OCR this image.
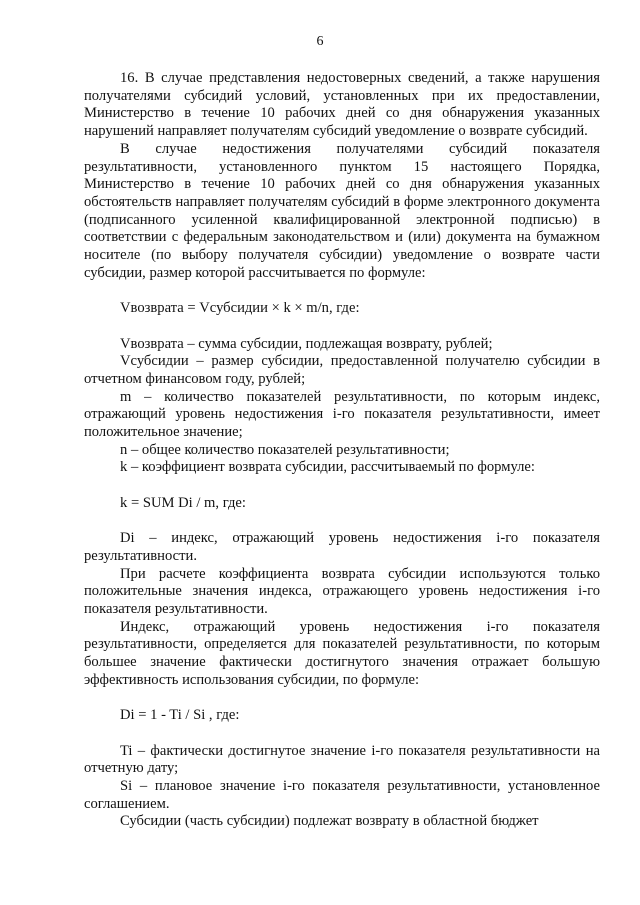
6

16. В случае представления недостоверных сведений, а также нарушения получателями субсидий условий, установленных при их предоставлении, Министерство в течение 10 рабочих дней со дня обнаружения указанных нарушений направляет получателям субсидий уведомление о возврате субсидий.

В случае недостижения получателями субсидий показателя результативности, установленного пунктом 15 настоящего Порядка, Министерство в течение 10 рабочих дней со дня обнаружения указанных обстоятельств направляет получателям субсидий в форме электронного документа (подписанного усиленной квалифицированной электронной подписью) в соответствии с федеральным законодательством и (или) документа на бумажном носителе (по выбору получателя субсидии) уведомление о возврате части субсидии, размер которой рассчитывается по формуле:

Vвозврата = Vсубсидии × k × m/n, где:

Vвозврата – сумма субсидии, подлежащая возврату, рублей;

Vсубсидии – размер субсидии, предоставленной получателю субсидии в отчетном финансовом году, рублей;

m – количество показателей результативности, по которым индекс, отражающий уровень недостижения i-го показателя результативности, имеет положительное значение;

n – общее количество показателей результативности;

k – коэффициент возврата субсидии, рассчитываемый по формуле:

k = SUM Di / m, где:

Di – индекс, отражающий уровень недостижения i-го показателя результативности.

При расчете коэффициента возврата субсидии используются только положительные значения индекса, отражающего уровень недостижения i-го показателя результативности.

Индекс, отражающий уровень недостижения i-го показателя результативности, определяется для показателей результативности, по которым большее значение фактически достигнутого значения отражает большую эффективность использования субсидии, по формуле:

Di = 1 - Ti / Si , где:

Ti – фактически достигнутое значение i-го показателя результативности на отчетную дату;

Si – плановое значение i-го показателя результативности, установленное соглашением.

Субсидии (часть субсидии) подлежат возврату в областной бюджет
